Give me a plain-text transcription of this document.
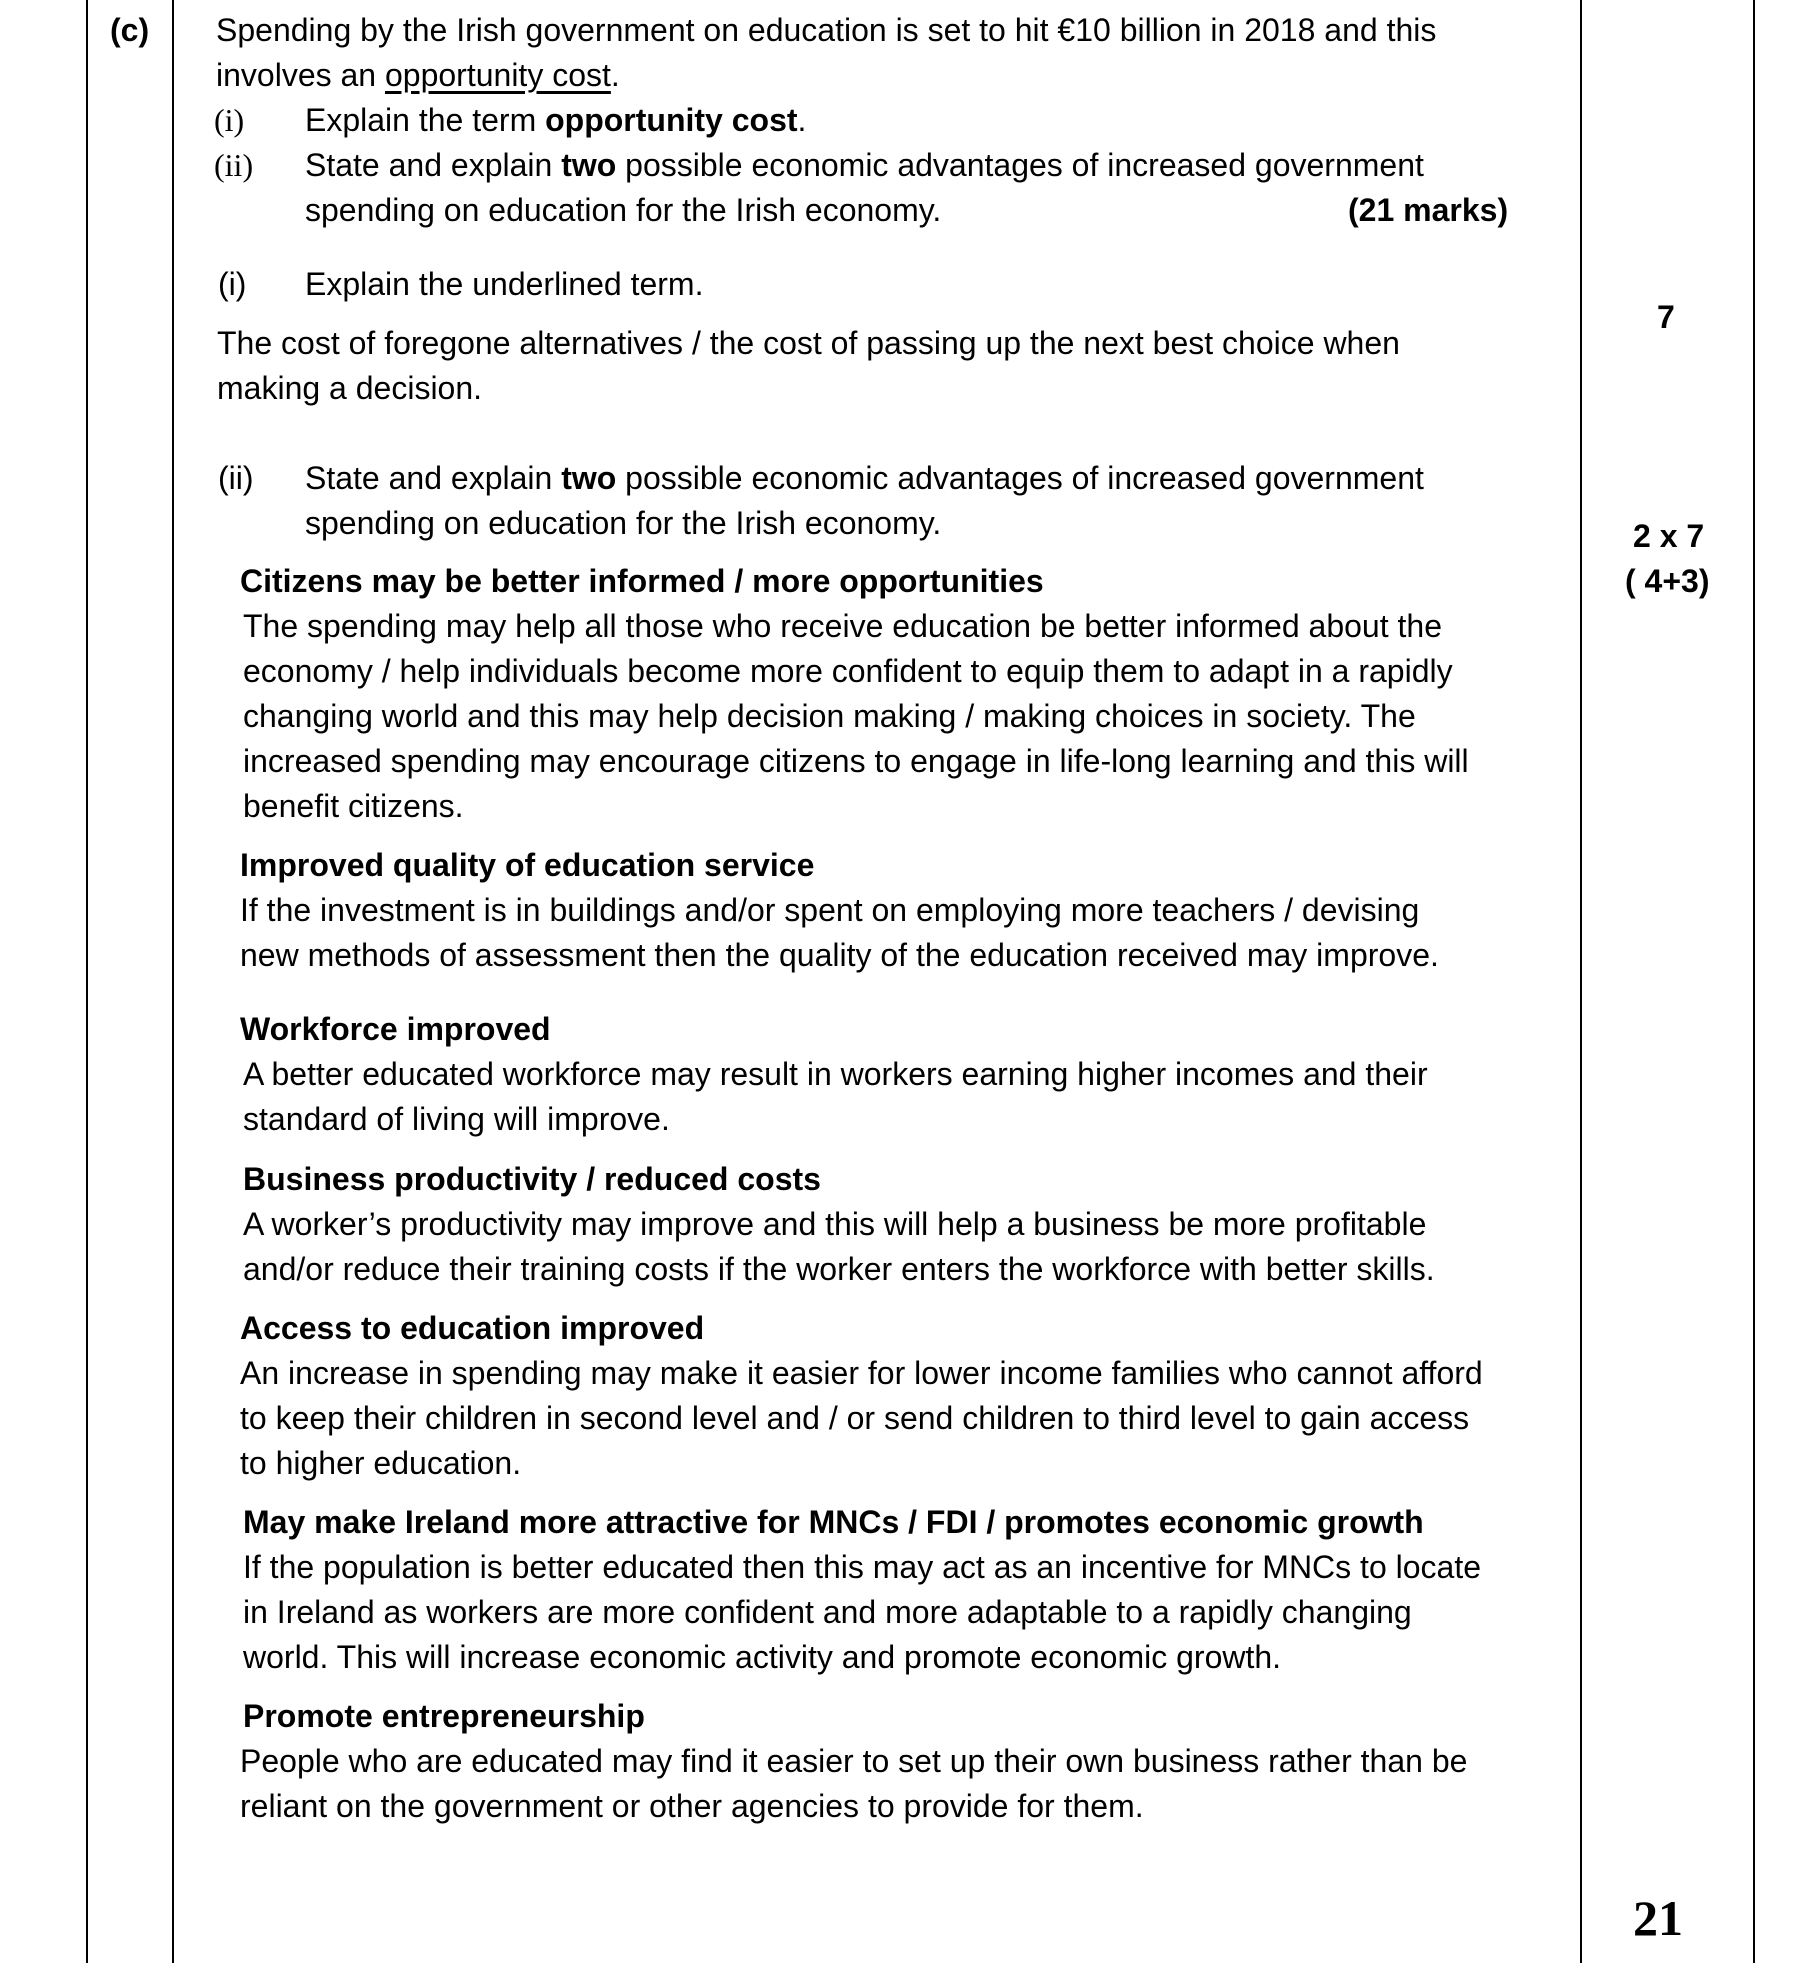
(c) Spending by the Irish government on education is set to hit €10 billion in 2018 and this
involves an opportunity cost.
(i) Explain the term opportunity cost.
(ii) State and explain two possible economic advantages of increased government
spending on education for the Irish economy.	(21 marks)
(i) Explain the underlined term.
The cost of foregone alternatives / the cost of passing up the next best choice when
making a decision.
7
(ii) State and explain two possible economic advantages of increased government
spending on education for the Irish economy.	2 x 7
( 4+3)
Citizens may be better informed / more opportunities
The spending may help all those who receive education be better informed about the
economy / help individuals become more confident to equip them to adapt in a rapidly
changing world and this may help decision making / making choices in society. The
increased spending may encourage citizens to engage in life-long learning and this will
benefit citizens.
Improved quality of education service
If the investment is in buildings and/or spent on employing more teachers / devising
new methods of assessment then the quality of the education received may improve.
Workforce improved
A better educated workforce may result in workers earning higher incomes and their
standard of living will improve.
Business productivity / reduced costs
A worker’s productivity may improve and this will help a business be more profitable
and/or reduce their training costs if the worker enters the workforce with better skills.
Access to education improved
An increase in spending may make it easier for lower income families who cannot afford
to keep their children in second level and / or send children to third level to gain access
to higher education.
May make Ireland more attractive for MNCs / FDI / promotes economic growth
If the population is better educated then this may act as an incentive for MNCs to locate
in Ireland as workers are more confident and more adaptable to a rapidly changing
world. This will increase economic activity and promote economic growth.
Promote entrepreneurship
People who are educated may find it easier to set up their own business rather than be
reliant on the government or other agencies to provide for them.
21
